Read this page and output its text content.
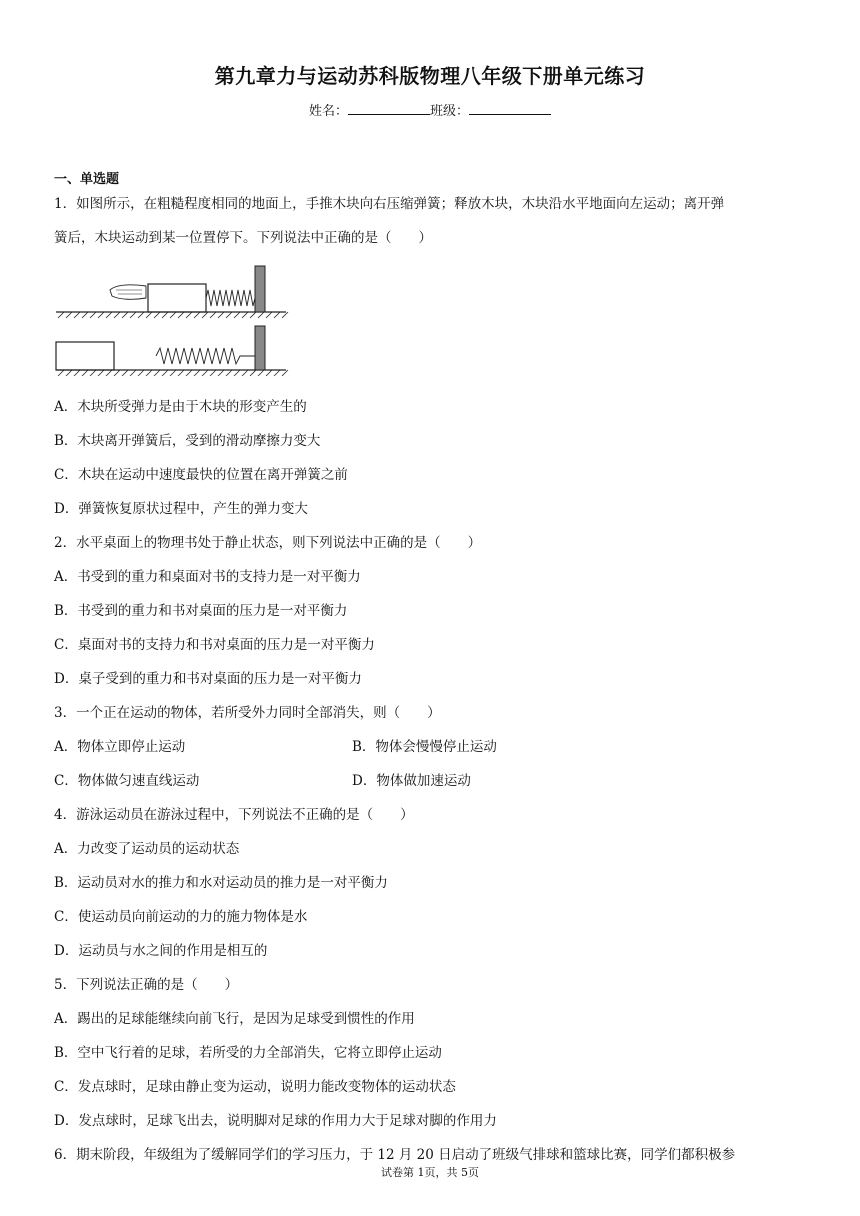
第九章力与运动苏科版物理八年级下册单元练习
姓名：	班级：
一、单选题
1．如图所示，在粗糙程度相同的地面上，手推木块向右压缩弹簧；释放木块，木块沿水平地面向左运动；离开弹
簧后，木块运动到某一位置停下。下列说法中正确的是（　　）
A．木块所受弹力是由于木块的形变产生的
B．木块离开弹簧后，受到的滑动摩擦力变大
C．木块在运动中速度最快的位置在离开弹簧之前
D．弹簧恢复原状过程中，产生的弹力变大
2．水平桌面上的物理书处于静止状态，则下列说法中正确的是（　　）
A．书受到的重力和桌面对书的支持力是一对平衡力
B．书受到的重力和书对桌面的压力是一对平衡力
C．桌面对书的支持力和书对桌面的压力是一对平衡力
D．桌子受到的重力和书对桌面的压力是一对平衡力
3．一个正在运动的物体，若所受外力同时全部消失，则（　　）
A．物体立即停止运动	B．物体会慢慢停止运动
C．物体做匀速直线运动	D．物体做加速运动
4．游泳运动员在游泳过程中，下列说法不正确的是（　　）
A．力改变了运动员的运动状态
B．运动员对水的推力和水对运动员的推力是一对平衡力
C．使运动员向前运动的力的施力物体是水
D．运动员与水之间的作用是相互的
5．下列说法正确的是（　　）
A．踢出的足球能继续向前飞行，是因为足球受到惯性的作用
B．空中飞行着的足球，若所受的力全部消失，它将立即停止运动
C．发点球时，足球由静止变为运动，说明力能改变物体的运动状态
D．发点球时，足球飞出去，说明脚对足球的作用力大于足球对脚的作用力
6．期末阶段，年级组为了缓解同学们的学习压力，于 12 月 20 日启动了班级气排球和篮球比赛，同学们都积极参
试卷第 1页，共 5页
